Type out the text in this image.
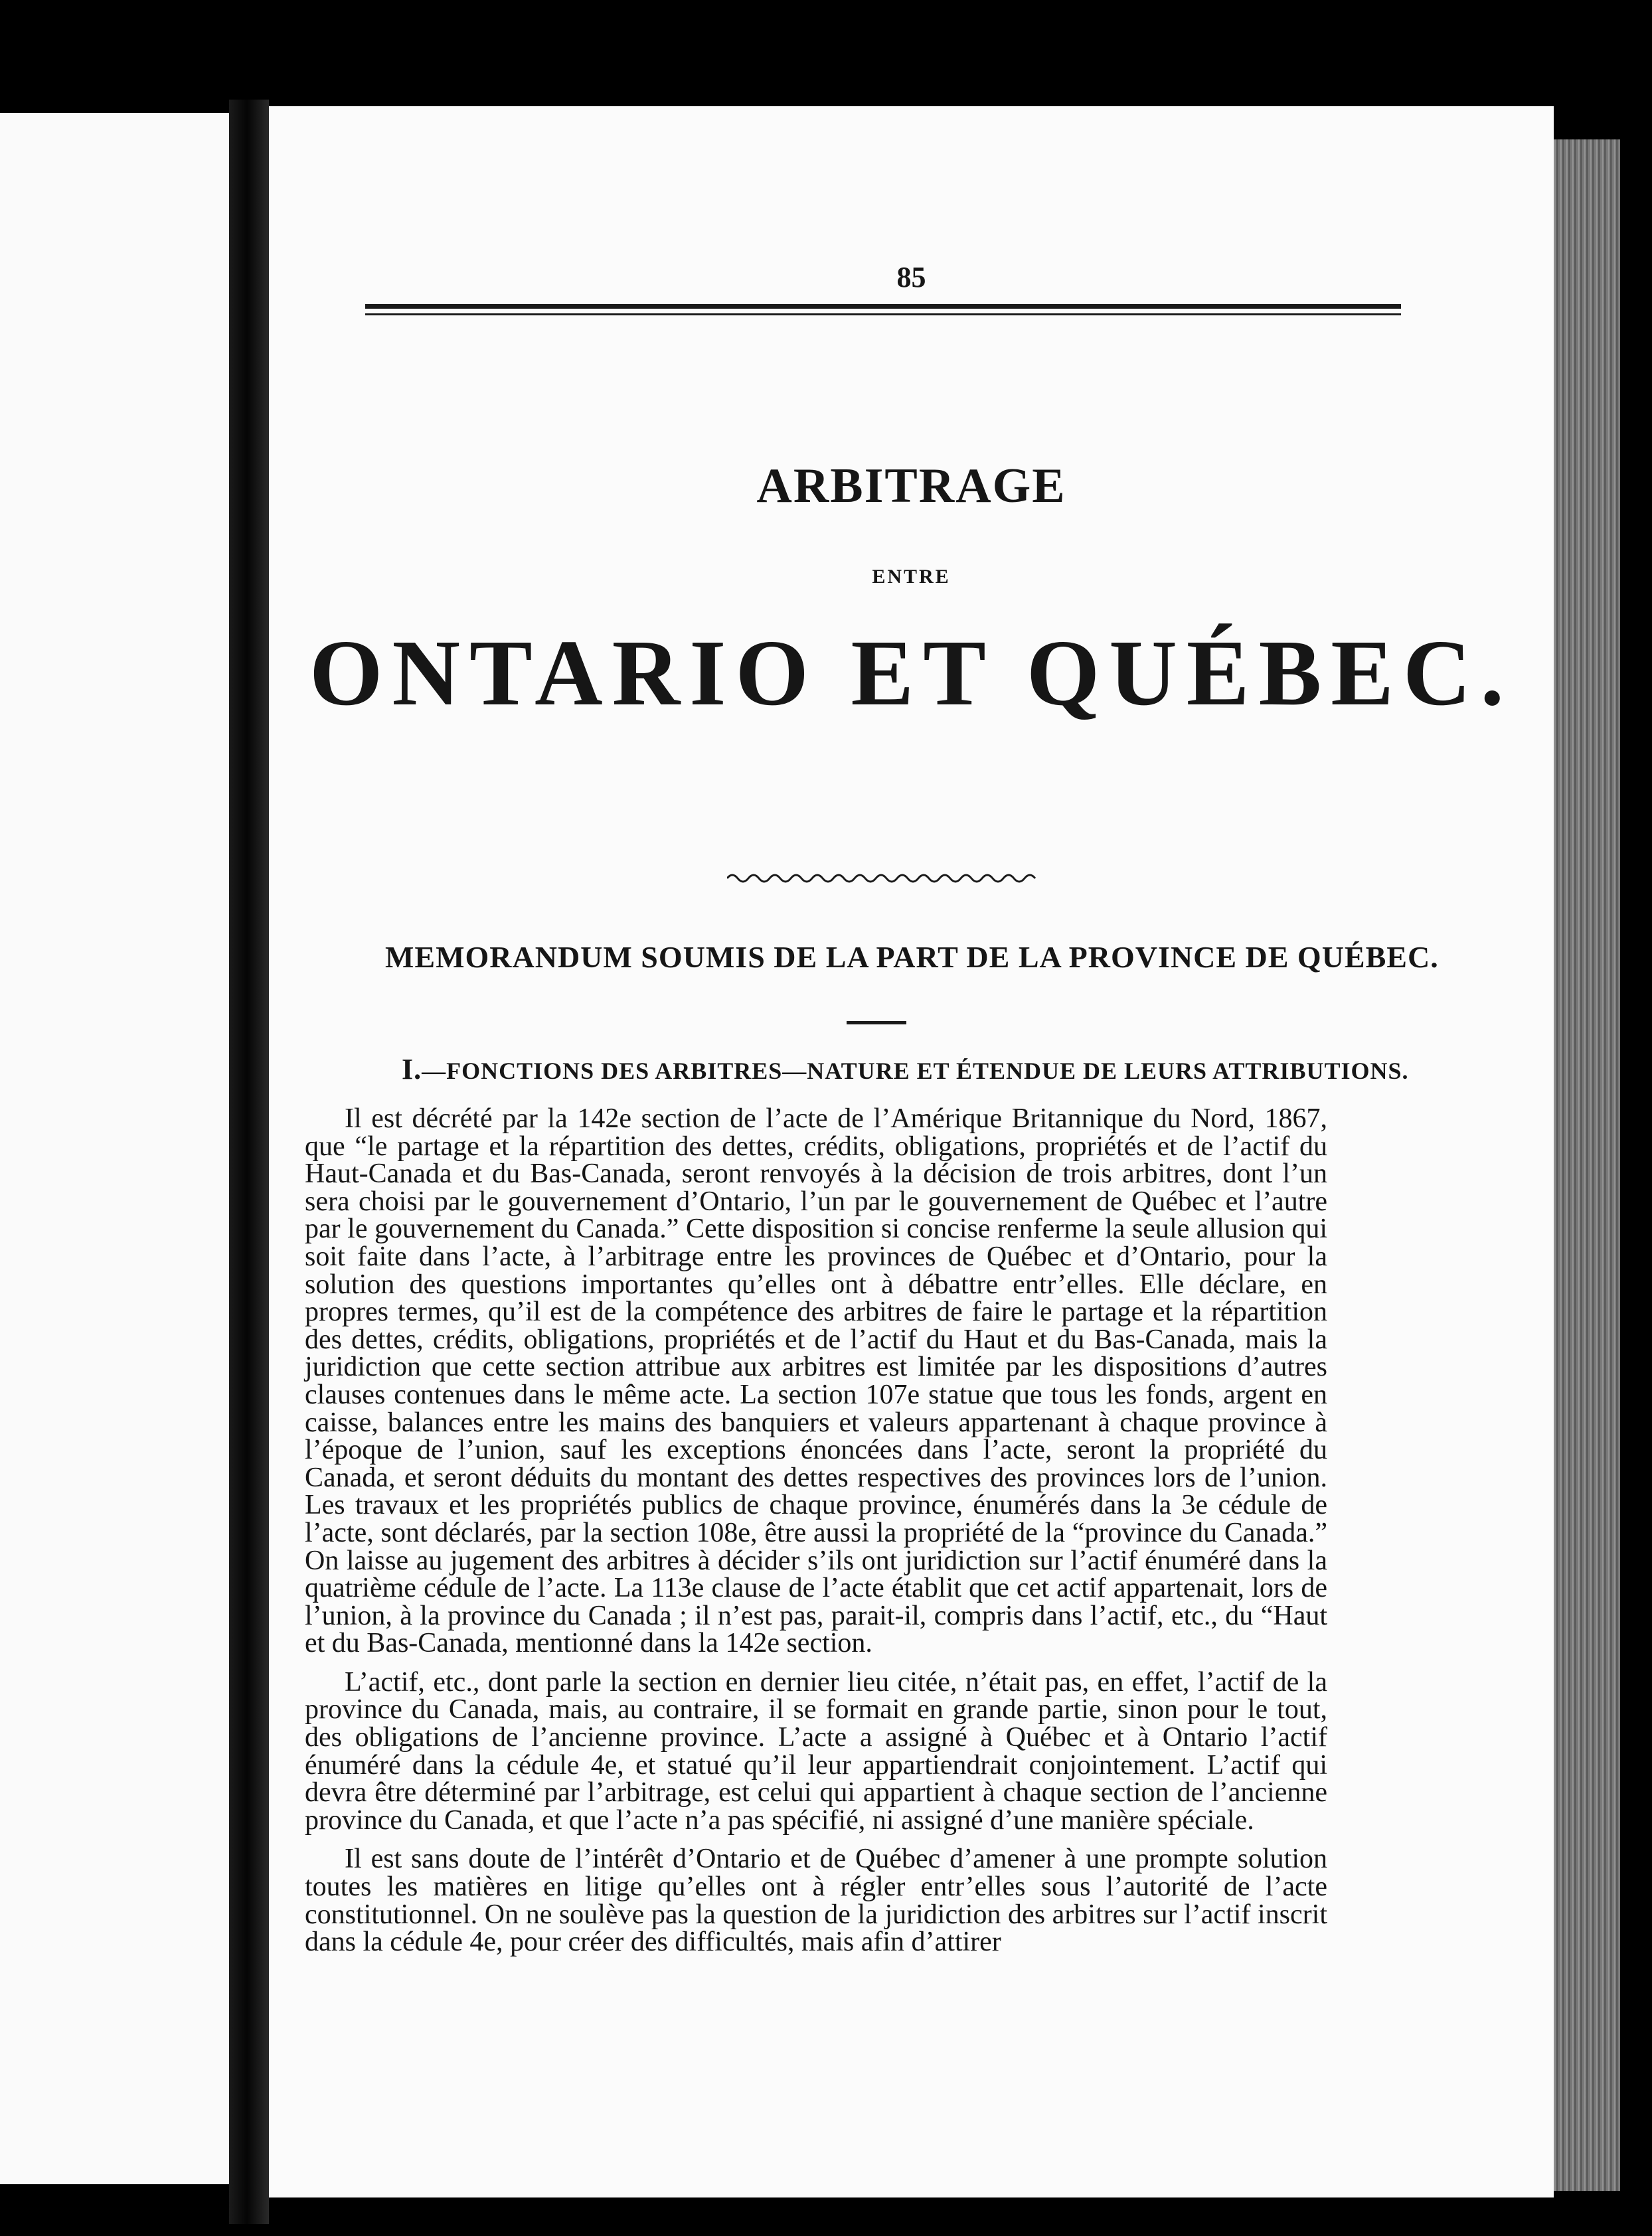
85
ARBITRAGE
ENTRE
ONTARIO ET QUÉBEC.
MEMORANDUM SOUMIS DE LA PART DE LA PROVINCE DE QUÉBEC.
I.—FONCTIONS DES ARBITRES—NATURE ET ÉTENDUE DE LEURS ATTRIBUTIONS.

Il est décrété par la 142e section de l’acte de l’Amérique Britannique du Nord, 1867, que “le partage et la répartition des dettes, crédits, obligations, propriétés et de l’actif du Haut-Canada et du Bas-Canada, seront renvoyés à la décision de trois arbitres, dont l’un sera choisi par le gouvernement d’Ontario, l’un par le gouvernement de Québec et l’autre par le gouvernement du Canada.” Cette disposition si concise renferme la seule allusion qui soit faite dans l’acte, à l’arbitrage entre les provinces de Québec et d’Ontario, pour la solution des questions importantes qu’elles ont à débattre entr’elles. Elle déclare, en propres termes, qu’il est de la compétence des arbitres de faire le partage et la répartition des dettes, crédits, obligations, propriétés et de l’actif du Haut et du Bas-Canada, mais la juridiction que cette section attribue aux arbitres est limitée par les dispositions d’autres clauses contenues dans le même acte. La section 107e statue que tous les fonds, argent en caisse, balances entre les mains des banquiers et valeurs appartenant à chaque province à l’époque de l’union, sauf les exceptions énoncées dans l’acte, seront la propriété du Canada, et seront déduits du montant des dettes respectives des provinces lors de l’union. Les travaux et les propriétés publics de chaque province, énumérés dans la 3e cédule de l’acte, sont déclarés, par la section 108e, être aussi la propriété de la “province du Canada.” On laisse au jugement des arbitres à décider s’ils ont juridiction sur l’actif énuméré dans la quatrième cédule de l’acte. La 113e clause de l’acte établit que cet actif appartenait, lors de l’union, à la province du Canada ; il n’est pas, parait-il, compris dans l’actif, etc., du “Haut et du Bas-Canada, mentionné dans la 142e section.

L’actif, etc., dont parle la section en dernier lieu citée, n’était pas, en effet, l’actif de la province du Canada, mais, au contraire, il se formait en grande partie, sinon pour le tout, des obligations de l’ancienne province. L’acte a assigné à Québec et à Ontario l’actif énuméré dans la cédule 4e, et statué qu’il leur appartiendrait conjointement. L’actif qui devra être déterminé par l’arbitrage, est celui qui appartient à chaque section de l’ancienne province du Canada, et que l’acte n’a pas spécifié, ni assigné d’une manière spéciale.

Il est sans doute de l’intérêt d’Ontario et de Québec d’amener à une prompte solution toutes les matières en litige qu’elles ont à régler entr’elles sous l’autorité de l’acte constitutionnel. On ne soulève pas la question de la juridiction des arbitres sur l’actif inscrit dans la cédule 4e, pour créer des difficultés, mais afin d’attirer
